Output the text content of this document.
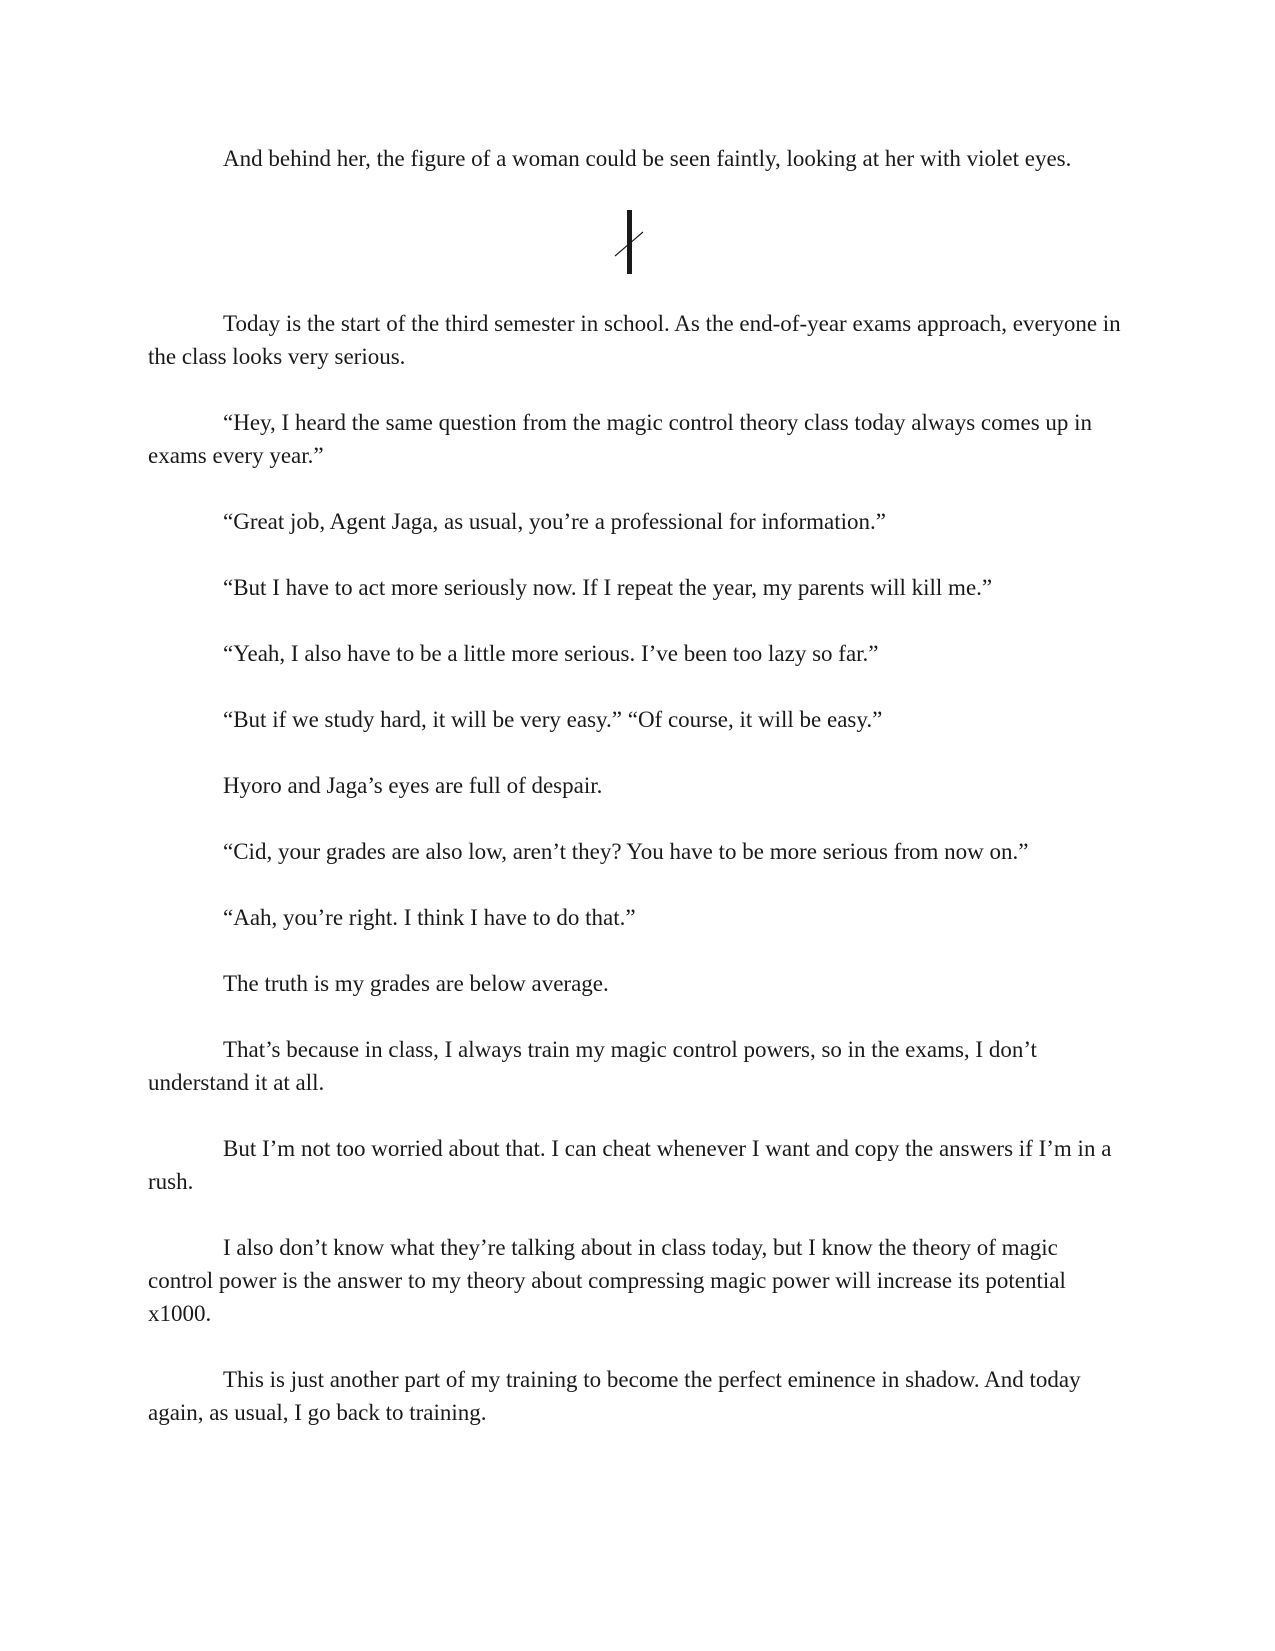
And behind her, the figure of a woman could be seen faintly, looking at her with violet eyes.

Today is the start of the third semester in school. As the end-of-year exams approach, everyone in the class looks very serious.

“Hey, I heard the same question from the magic control theory class today always comes up in exams every year.”

“Great job, Agent Jaga, as usual, you’re a professional for information.”

“But I have to act more seriously now. If I repeat the year, my parents will kill me.”

“Yeah, I also have to be a little more serious. I’ve been too lazy so far.”

“But if we study hard, it will be very easy.” “Of course, it will be easy.”

Hyoro and Jaga’s eyes are full of despair.

“Cid, your grades are also low, aren’t they? You have to be more serious from now on.”

“Aah, you’re right. I think I have to do that.”

The truth is my grades are below average.

That’s because in class, I always train my magic control powers, so in the exams, I don’t understand it at all.

But I’m not too worried about that. I can cheat whenever I want and copy the answers if I’m in a rush.

I also don’t know what they’re talking about in class today, but I know the theory of magic control power is the answer to my theory about compressing magic power will increase its potential x1000.

This is just another part of my training to become the perfect eminence in shadow. And today again, as usual, I go back to training.
